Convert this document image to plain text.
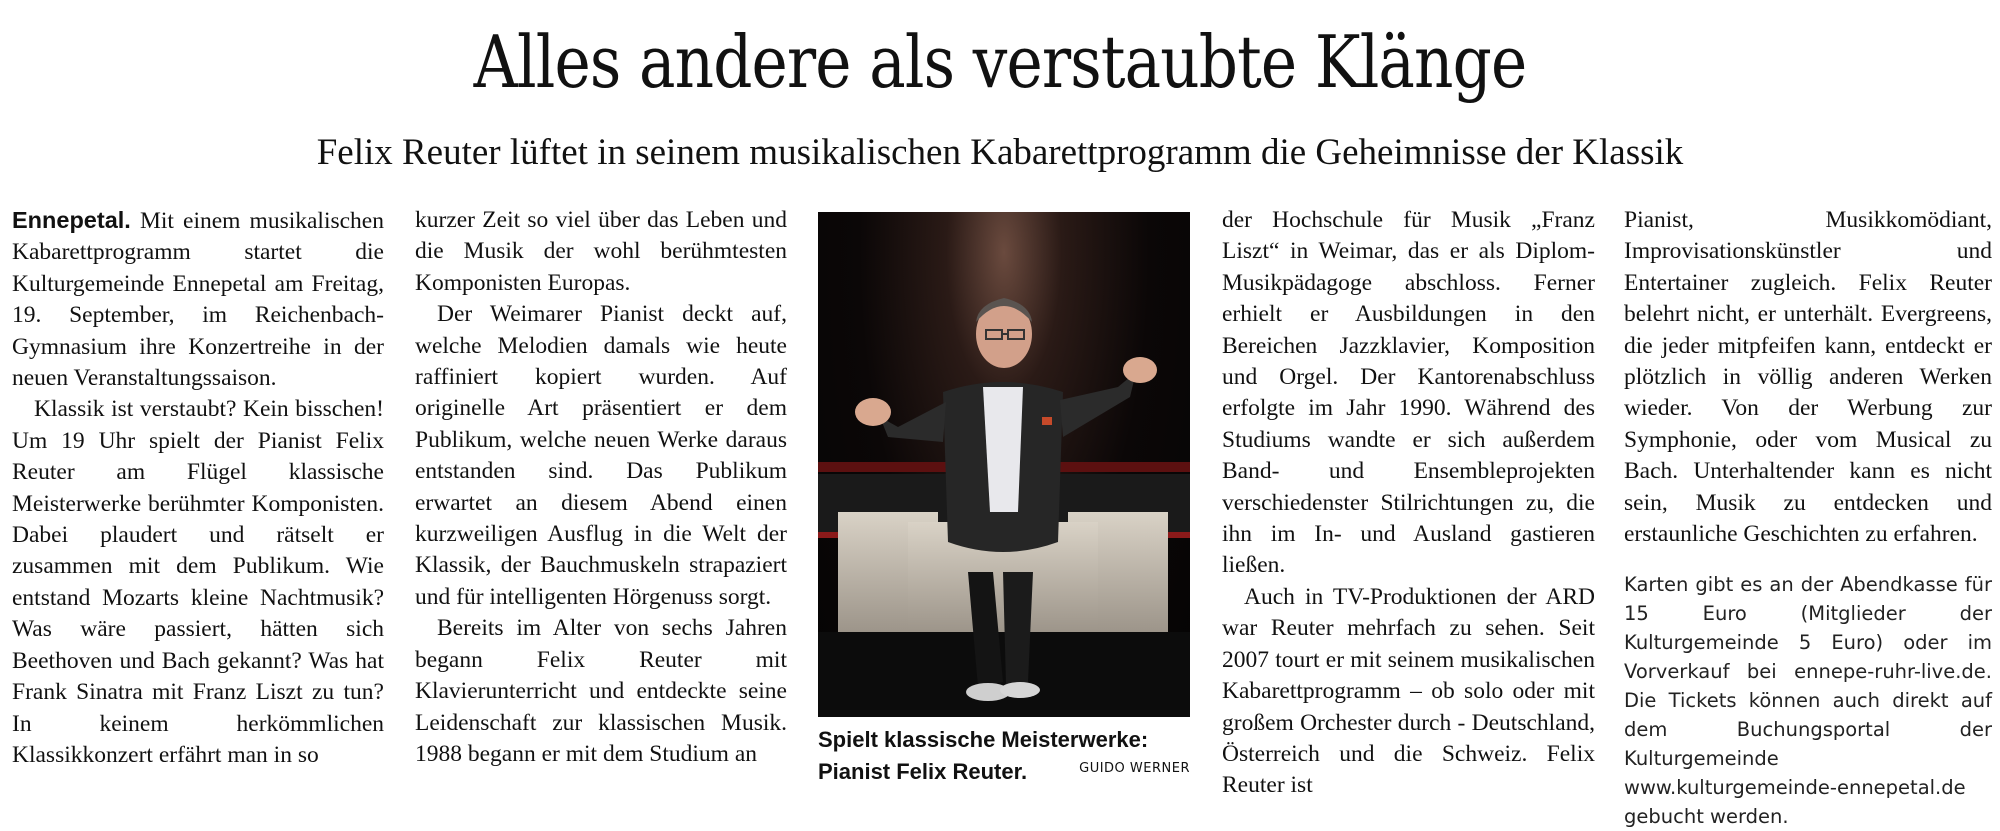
Alles andere als verstaubte Klänge
Felix Reuter lüftet in seinem musikalischen Kabarettprogramm die Geheimnisse der Klassik

Ennepetal. Mit einem musikalischen Kabarettprogramm startet die Kulturgemeinde Ennepetal am Freitag, 19. September, im Reichenbach-Gymnasium ihre Konzertreihe in der neuen Veranstaltungssaison.

Klassik ist verstaubt? Kein bisschen! Um 19 Uhr spielt der Pianist Felix Reuter am Flügel klassische Meisterwerke berühmter Komponisten. Dabei plaudert und rätselt er zusammen mit dem Publikum. Wie entstand Mozarts kleine Nachtmusik? Was wäre passiert, hätten sich Beethoven und Bach gekannt? Was hat Frank Sinatra mit Franz Liszt zu tun? In keinem herkömmlichen Klassikkonzert erfährt man in so

kurzer Zeit so viel über das Leben und die Musik der wohl berühmtesten Komponisten Europas.

Der Weimarer Pianist deckt auf, welche Melodien damals wie heute raffiniert kopiert wurden. Auf originelle Art präsentiert er dem Publikum, welche neuen Werke daraus entstanden sind. Das Publikum erwartet an diesem Abend einen kurzweiligen Ausflug in die Welt der Klassik, der Bauchmuskeln strapaziert und für intelligenten Hörgenuss sorgt.

Bereits im Alter von sechs Jahren begann Felix Reuter mit Klavierunterricht und entdeckte seine Leidenschaft zur klassischen Musik. 1988 begann er mit dem Studium an

Spielt klassische Meisterwerke:
Pianist Felix Reuter.	GUIDO WERNER

der Hochschule für Musik „Franz Liszt“ in Weimar, das er als Diplom-Musikpädagoge abschloss. Ferner erhielt er Ausbildungen in den Bereichen Jazzklavier, Komposition und Orgel. Der Kantorenabschluss erfolgte im Jahr 1990. Während des Studiums wandte er sich außerdem Band- und Ensembleprojekten verschiedenster Stilrichtungen zu, die ihn im In- und Ausland gastieren ließen.

Auch in TV-Produktionen der ARD war Reuter mehrfach zu sehen. Seit 2007 tourt er mit seinem musikalischen Kabarettprogramm – ob solo oder mit großem Orchester durch - Deutschland, Österreich und die Schweiz. Felix Reuter ist

Pianist, Musikkomödiant, Improvisationskünstler und Entertainer zugleich. Felix Reuter belehrt nicht, er unterhält. Evergreens, die jeder mitpfeifen kann, entdeckt er plötzlich in völlig anderen Werken wieder. Von der Werbung zur Symphonie, oder vom Musical zu Bach. Unterhaltender kann es nicht sein, Musik zu entdecken und erstaunliche Geschichten zu erfahren.

Karten gibt es an der Abendkasse für 15 Euro (Mitglieder der Kulturgemeinde 5 Euro) oder im Vorverkauf bei ennepe-ruhr-live.de. Die Tickets können auch direkt auf dem Buchungsportal der Kulturgemeinde www.kulturgemeinde-ennepetal.de gebucht werden.
